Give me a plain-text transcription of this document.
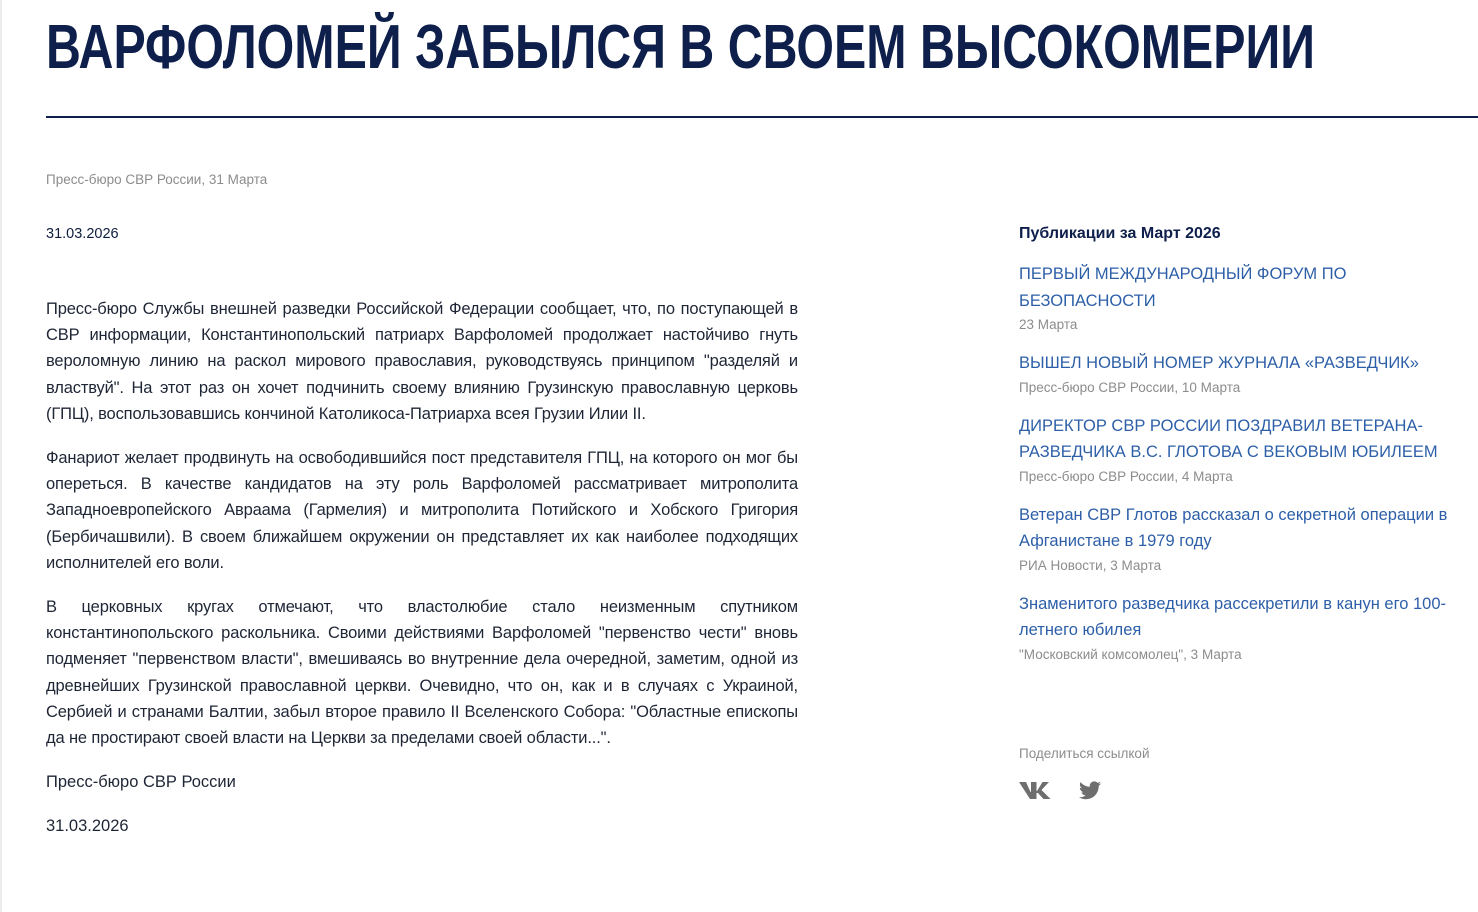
ВАРФОЛОМЕЙ ЗАБЫЛСЯ В СВОЕМ ВЫСОКОМЕРИИ
Пресс-бюро СВР России, 31 Марта
31.03.2026

Пресс-бюро Службы внешней разведки Российской Федерации сообщает, что, по поступающей в СВР информации, Константинопольский патриарх Варфоломей продолжает настойчиво гнуть вероломную линию на раскол мирового православия, руководствуясь принципом "разделяй и властвуй". На этот раз он хочет подчинить своему влиянию Грузинскую православную церковь (ГПЦ), воспользовавшись кончиной Католикоса-Патриарха всея Грузии Илии II.

Фанариот желает продвинуть на освободившийся пост представителя ГПЦ, на которого он мог бы опереться. В качестве кандидатов на эту роль Варфоломей рассматривает митрополита Западноевропейского Авраама (Гармелия) и митрополита Потийского и Хобского Григория (Бербичашвили). В своем ближайшем окружении он представляет их как наиболее подходящих исполнителей его воли.

В церковных кругах отмечают, что властолюбие стало неизменным спутником константинопольского раскольника. Своими действиями Варфоломей "первенство чести" вновь подменяет "первенством власти", вмешиваясь во внутренние дела очередной, заметим, одной из древнейших Грузинской православной церкви. Очевидно, что он, как и в случаях с Украиной, Сербией и странами Балтии, забыл второе правило II Вселенского Собора: "Областные епископы да не простирают своей власти на Церкви за пределами своей области...".

Пресс-бюро СВР России
31.03.2026
Публикации за Март 2026
ПЕРВЫЙ МЕЖДУНАРОДНЫЙ ФОРУМ ПО БЕЗОПАСНОСТИ
23 Марта
ВЫШЕЛ НОВЫЙ НОМЕР ЖУРНАЛА «РАЗВЕДЧИК»
Пресс-бюро СВР России, 10 Марта
ДИРЕКТОР СВР РОССИИ ПОЗДРАВИЛ ВЕТЕРАНА-РАЗВЕДЧИКА В.С. ГЛОТОВА С ВЕКОВЫМ ЮБИЛЕЕМ
Пресс-бюро СВР России, 4 Марта
Ветеран СВР Глотов рассказал о секретной операции в Афганистане в 1979 году
РИА Новости, 3 Марта
Знаменитого разведчика рассекретили в канун его 100-летнего юбилея
"Московский комсомолец", 3 Марта
Поделиться ссылкой
